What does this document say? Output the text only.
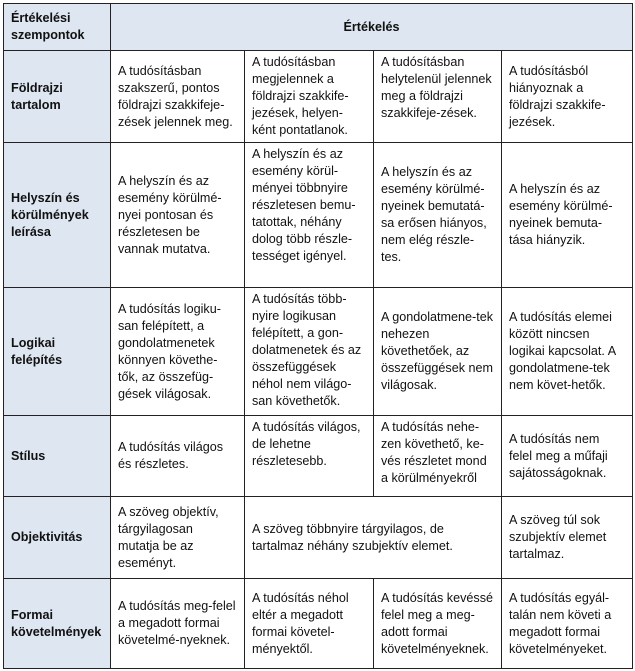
Értékelési szempontok	Értékelés			
Földrajzi tartalom	A tudósításban szakszerű, pontos földrajzi szakkifeje-zések jelennek meg.	A tudósításban megjelennek a földrajzi szakkife-jezések, helyen-ként pontatlanok.	A tudósításban helytelenül jelennek meg a földrajzi szakkifeje-zések.	A tudósításból hiányoznak a földrajzi szakkife-jezések.
Helyszín és körülmények leírása	A helyszín és az esemény körülmé-nyei pontosan és részletesen be vannak mutatva.	A helyszín és az esemény körül-ményei többnyire részletesen bemu-tatottak, néhány dolog több részle-tességet igényel.	A helyszín és az esemény körülmé-nyeinek bemutatá-sa erősen hiányos, nem elég részle-tes.	A helyszín és az esemény körülmé-nyeinek bemuta-tása hiányzik.
Logikai felépítés	A tudósítás logiku-san felépített, a gondolatmenetek könnyen követhe-tők, az összefüg-gések világosak.	A tudósítás több-nyire logikusan felépített, a gon-dolatmenetek és az összefüggések néhol nem világo-san követhetők.	A gondolatmene-tek nehezen követhetőek, az összefüggések nem világosak.	A tudósítás elemei között nincsen logikai kapcsolat. A gondolatmene-tek nem követ-hetők.
Stílus	A tudósítás világos és részletes.	A tudósítás világos, de lehetne részletesebb.	A tudósítás nehe-zen követhető, ke-vés részletet mond a körülményekről	A tudósítás nem felel meg a műfaji sajátosságoknak.
Objektivitás	A szöveg objektív, tárgyilagosan mutatja be az eseményt.	A szöveg többnyire tárgyilagos, de tartalmaz néhány szubjektív elemet.		A szöveg túl sok szubjektív elemet tartalmaz.
Formai követelmények	A tudósítás meg-felel a megadott formai követelmé-nyeknek.	A tudósítás néhol eltér a megadott formai követel-ményektől.	A tudósítás kevéssé felel meg a meg-adott formai követelményeknek.	A tudósítás egyál-talán nem követi a megadott formai követelményeket.
